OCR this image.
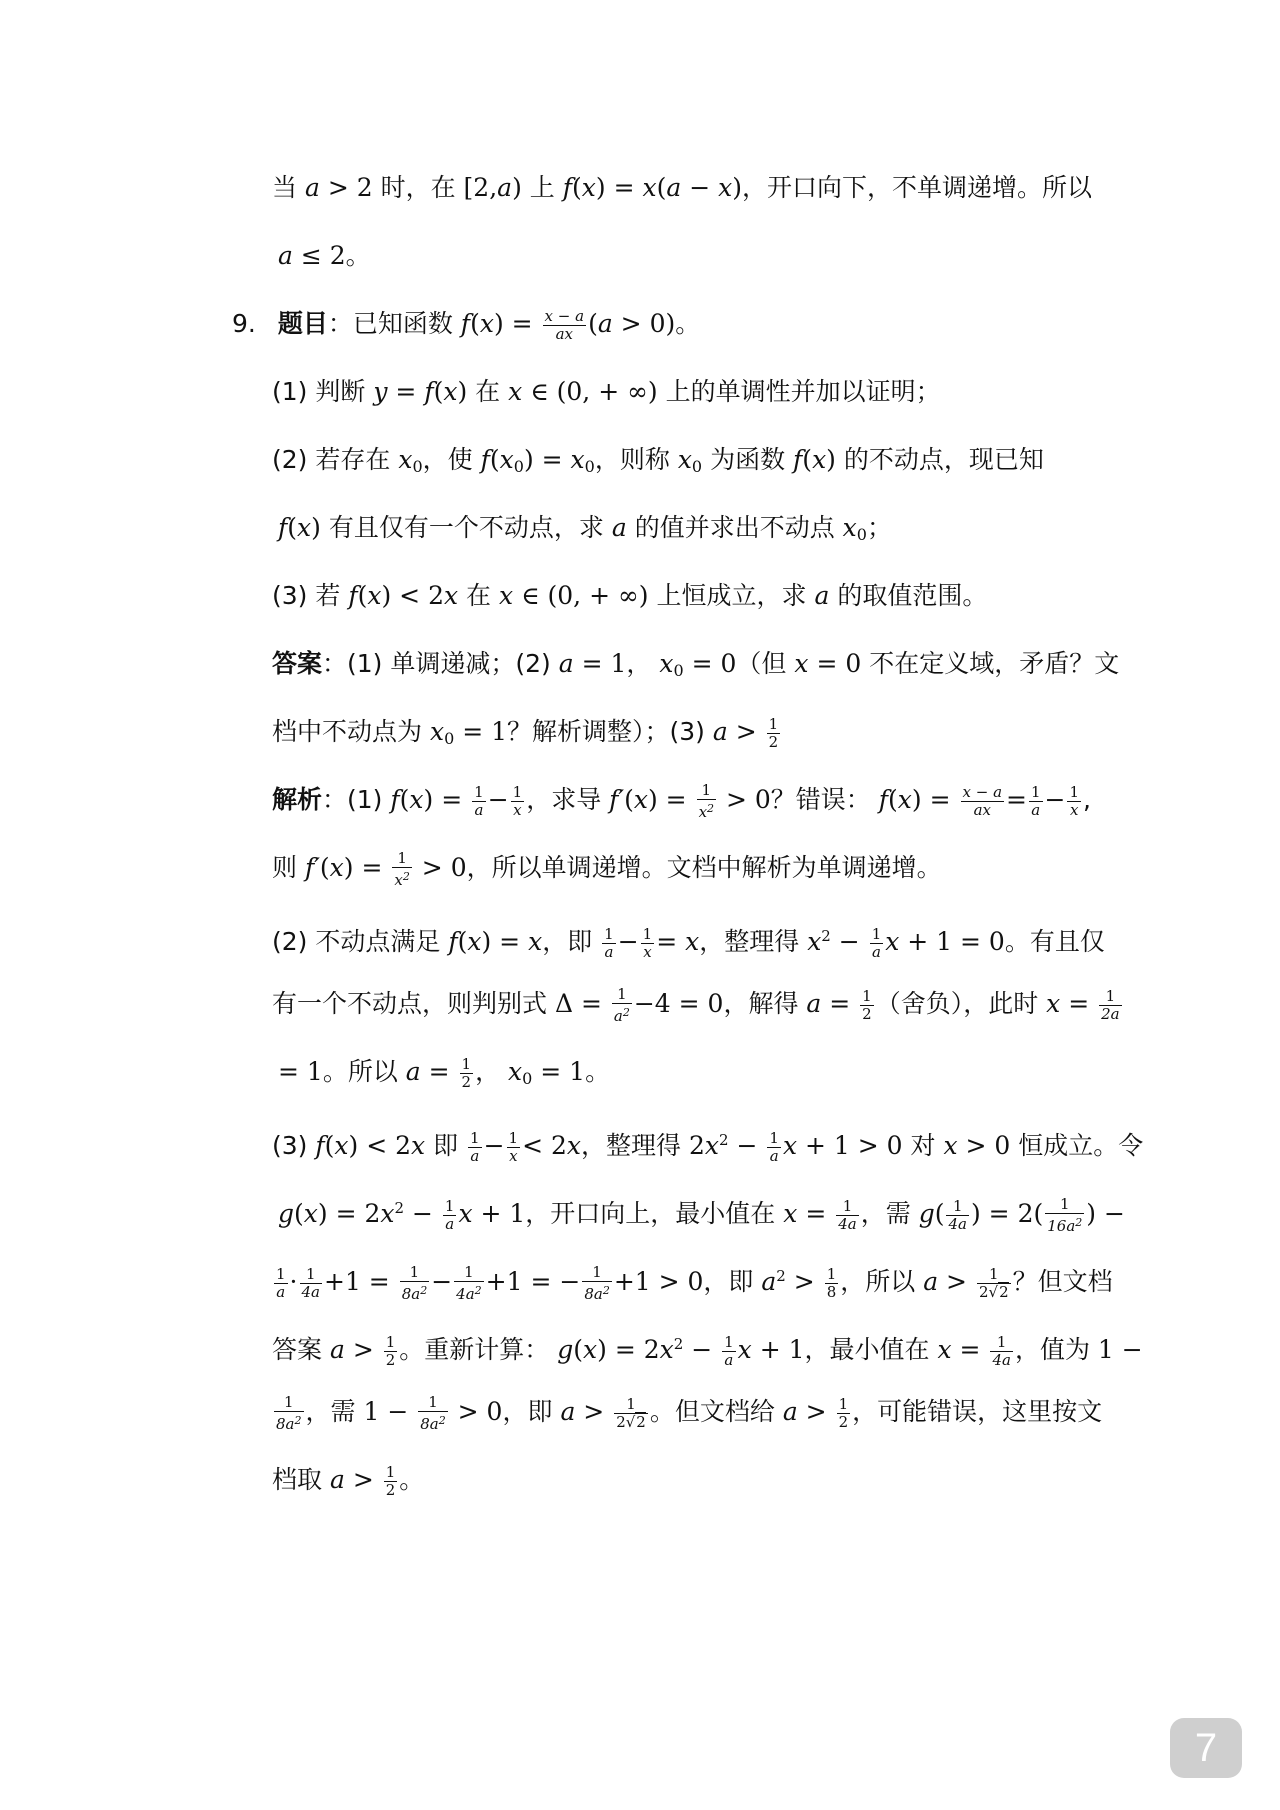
当 a > 2 时，在 [2,a) 上 f(x) = x(a − x)，开口向下，不单调递增。所以
a ≤ 2。
9. 题目：已知函数 $f(x) = \frac{x - a}{ax} (a > 0)$。
(1) 判断 y = f(x) 在 x ∈ (0, + ∞) 上的单调性并加以证明；
(2) 若存在 $x_0$，使 $f(x_0) = x_0$，则称 $x_0$ 为函数 f(x) 的不动点，现已知
f(x) 有且仅有一个不动点，求 a 的值并求出不动点 $x_0$；
(3) 若 f(x) < 2x 在 x ∈ (0, + ∞) 上恒成立，求 a 的取值范围。
答案：(1) 单调递减；(2) a = 1， $x_0 = 0$（但 x = 0 不在定义域，矛盾？文
档中不动点为 $x_0 = 1$？解析调整）；(3) $a > \frac{1}{2}$
解析：(1) $f(x) = \frac{1}{a} - \frac{1}{x}$ ，求导 $f'(x) = \frac{1}{x^2} > 0$？错误： $f(x) = \frac{x - a}{ax} = \frac{1}{a} - \frac{1}{x}$ ,
则 $f'(x) = \frac{1}{x^2} > 0$，所以单调递增。文档中解析为单调递增。
(2) 不动点满足 f(x) = x，即 $\frac{1}{a} - \frac{1}{x} = x$，整理得 $x^2 - \frac{1}{a}$ x + 1 = 0。有且仅
有一个不动点，则判别式 $\Delta = \frac{1}{a^2} -4 = 0$，解得 $a = \frac{1}{2}$ （舍负），此时 $x = \frac{1}{2a}$
= 1。所以 $a = \frac{1}{2}$ ， $x_0 = 1$。
(3) f(x) < 2x 即 $\frac{1}{a} - \frac{1}{x} < 2x$，整理得 $2x^2 - \frac{1}{a}$ x + 1 > 0 对 x > 0 恒成立。令
$g(x) = 2x^2 - \frac{1}{a}$ x + 1，开口向上，最小值在 $x = \frac{1}{4a}$ ，需 $g( \frac{1}{4a}$ ) = $2( \frac{1}{16a^2}$ ) −
$\frac{1}{a} \cdot \frac{1}{4a} +1 = \frac{1}{8a^2} - \frac{1}{4a^2} +1$ = − $\frac{1}{8a^2} +1 > 0$，即 $a^2 > \frac{1}{8}$ ，所以 $a > \frac{1}{2√2}$ ？但文档
答案 $a > \frac{1}{2}$ 。重新计算： $g(x) = 2x^2 - \frac{1}{a}$ x + 1，最小值在 $x = \frac{1}{4a}$ ，值为 1 −
$\frac{1}{8a^2}$ ，需 $1 - \frac{1}{8a^2} > 0$，即 $a > \frac{1}{2√2}$ 。但文档给 $a > \frac{1}{2}$ ，可能错误，这里按文
档取 $a > \frac{1}{2}$ 。
7
